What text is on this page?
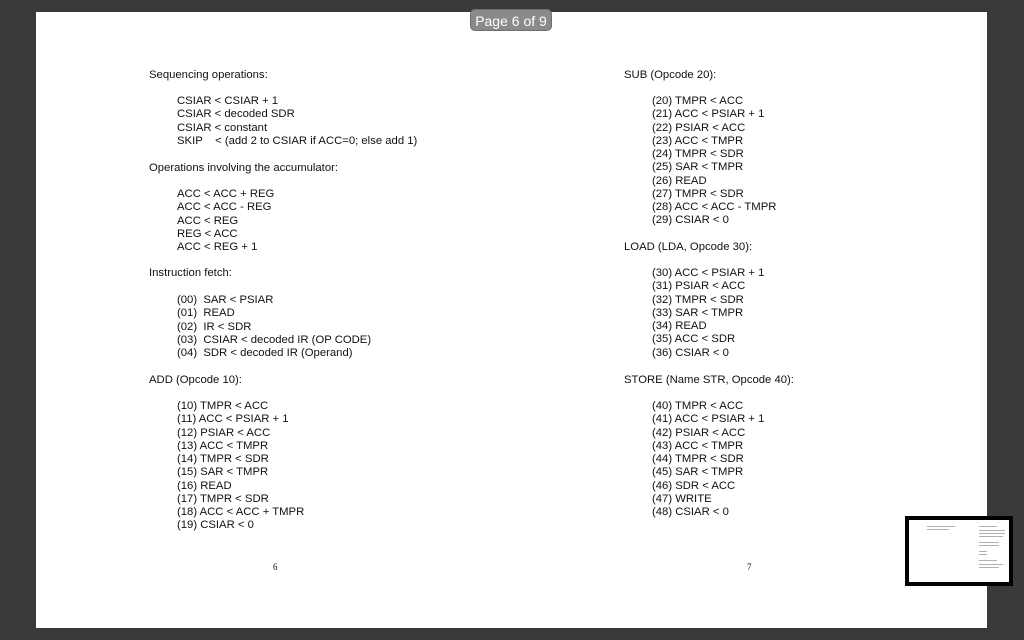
Sequencing operations:
CSIAR < CSIAR + 1
CSIAR < decoded SDR
CSIAR < constant
SKIP    < (add 2 to CSIAR if ACC=0; else add 1)
Operations involving the accumulator:
ACC < ACC + REG
ACC < ACC - REG
ACC < REG
REG < ACC
ACC < REG + 1
Instruction fetch:
(00)  SAR < PSIAR
(01)  READ
(02)  IR < SDR
(03)  CSIAR < decoded IR (OP CODE)
(04)  SDR < decoded IR (Operand)
ADD (Opcode 10):
(10) TMPR < ACC
(11) ACC < PSIAR + 1
(12) PSIAR < ACC
(13) ACC < TMPR
(14) TMPR < SDR
(15) SAR < TMPR
(16) READ
(17) TMPR < SDR
(18) ACC < ACC + TMPR
(19) CSIAR < 0
6
SUB (Opcode 20):
(20) TMPR < ACC
(21) ACC < PSIAR + 1
(22) PSIAR < ACC
(23) ACC < TMPR
(24) TMPR < SDR
(25) SAR < TMPR
(26) READ
(27) TMPR < SDR
(28) ACC < ACC - TMPR
(29) CSIAR < 0
LOAD (LDA, Opcode 30):
(30) ACC < PSIAR + 1
(31) PSIAR < ACC
(32) TMPR < SDR
(33) SAR < TMPR
(34) READ
(35) ACC < SDR
(36) CSIAR < 0
STORE (Name STR, Opcode 40):
(40) TMPR < ACC
(41) ACC < PSIAR + 1
(42) PSIAR < ACC
(43) ACC < TMPR
(44) TMPR < SDR
(45) SAR < TMPR
(46) SDR < ACC
(47) WRITE
(48) CSIAR < 0
7
Page 6 of 9
